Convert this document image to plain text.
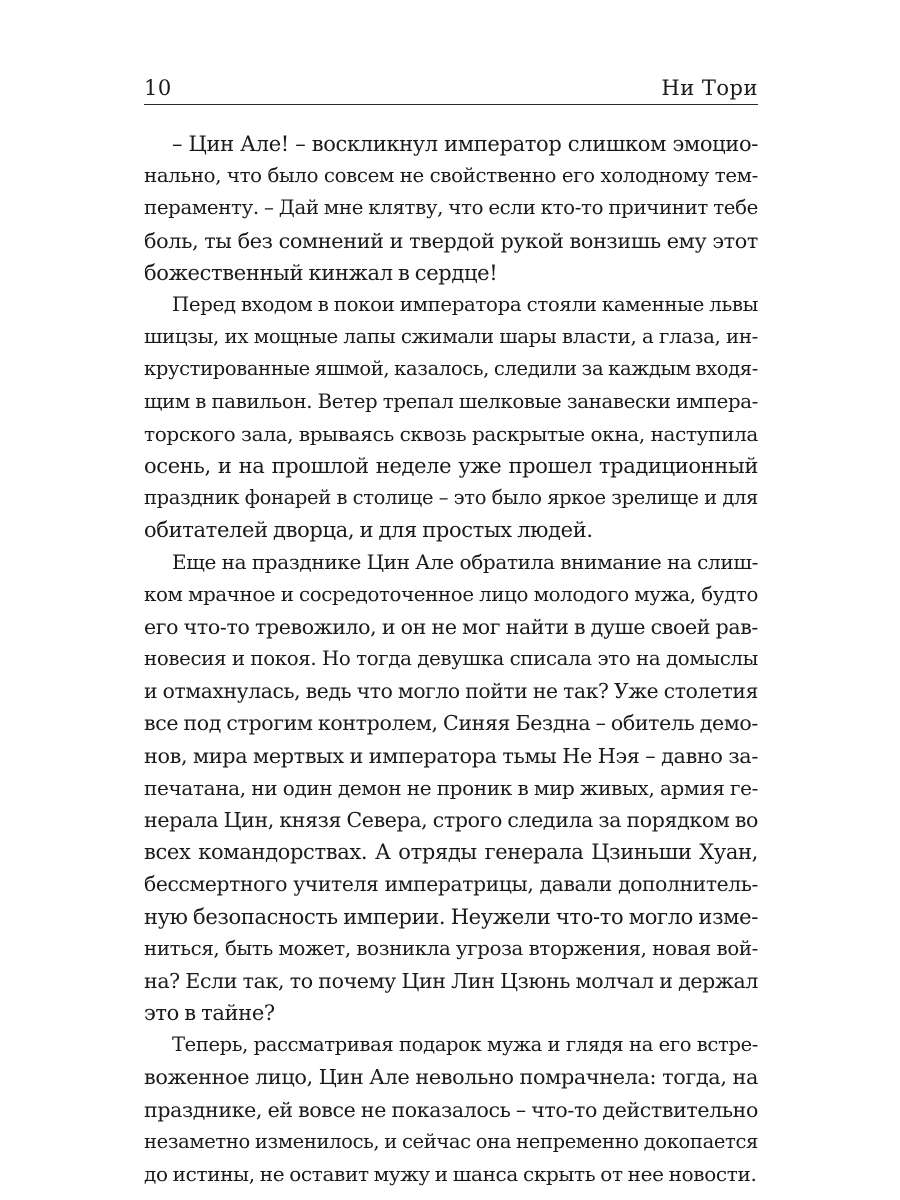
10	Ни Тори
– Цин Але! – воскликнул император слишком эмоцио-
нально, что было совсем не свойственно его холодному тем-
пераменту. – Дай мне клятву, что если кто-то причинит тебе
боль, ты без сомнений и твердой рукой вонзишь ему этот
божественный кинжал в сердце!
Перед входом в покои императора стояли каменные львы
шицзы, их мощные лапы сжимали шары власти, а глаза, ин-
крустированные яшмой, казалось, следили за каждым входя-
щим в павильон. Ветер трепал шелковые занавески импера-
торского зала, врываясь сквозь раскрытые окна, наступила
осень, и на прошлой неделе уже прошел традиционный
праздник фонарей в столице – это было яркое зрелище и для
обитателей дворца, и для простых людей.
Еще на празднике Цин Але обратила внимание на слиш-
ком мрачное и сосредоточенное лицо молодого мужа, будто
его что-то тревожило, и он не мог найти в душе своей рав-
новесия и покоя. Но тогда девушка списала это на домыслы
и отмахнулась, ведь что могло пойти не так? Уже столетия
все под строгим контролем, Синяя Бездна – обитель демо-
нов, мира мертвых и императора тьмы Не Нэя – давно за-
печатана, ни один демон не проник в мир живых, армия ге-
нерала Цин, князя Севера, строго следила за порядком во
всех командорствах. А отряды генерала Цзиньши Хуан,
бессмертного учителя императрицы, давали дополнитель-
ную безопасность империи. Неужели что-то могло изме-
ниться, быть может, возникла угроза вторжения, новая вой-
на? Если так, то почему Цин Лин Цзюнь молчал и держал
это в тайне?
Теперь, рассматривая подарок мужа и глядя на его встре-
воженное лицо, Цин Але невольно помрачнела: тогда, на
празднике, ей вовсе не показалось – что-то действительно
незаметно изменилось, и сейчас она непременно докопается
до истины, не оставит мужу и шанса скрыть от нее новости.
